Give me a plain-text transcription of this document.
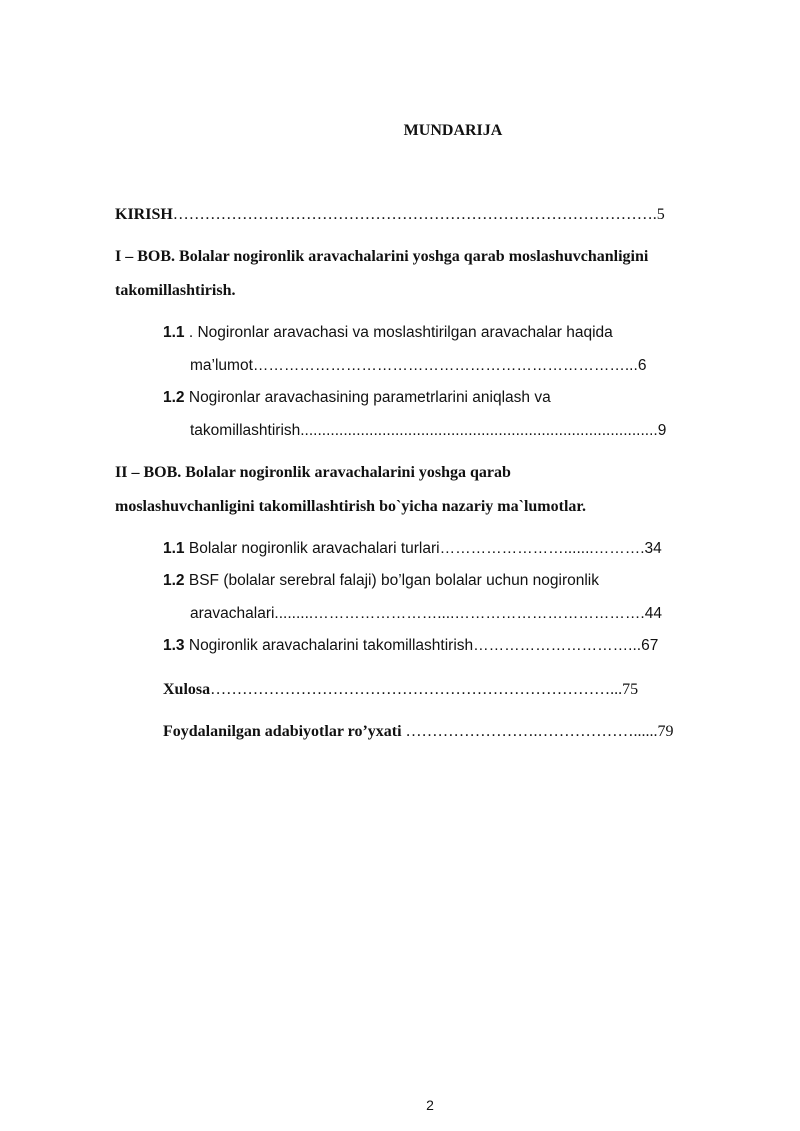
MUNDARIJA
KIRISH……………………………………………………………………………….5
I – BOB. Bolalar nogironlik aravachalarini yoshga qarab moslashuvchanligini
takomillashtirish.
1.1 . Nogironlar aravachasi va moslashtirilgan aravachalar haqida
ma’lumot………………………………………………………………...6
1.2 Nogironlar aravachasining parametrlarini aniqlash va
takomillashtirish...................................................................................9
II – BOB. Bolalar nogironlik aravachalarini yoshga qarab
moslashuvchanligini takomillashtirish bo`yicha nazariy ma`lumotlar.
1.1 Bolalar nogironlik aravachalari turlari…………………….......……….34
1.2 BSF (bolalar serebral falaji) bo’lgan bolalar uchun nogironlik
aravachalari.........……………………....……………………………….44
1.3 Nogironlik aravachalarini takomillashtirish…………………………...67
Xulosa…………………………………………………………………...75
Foydalanilgan adabiyotlar ro’yxati …………………….………………......79
2
